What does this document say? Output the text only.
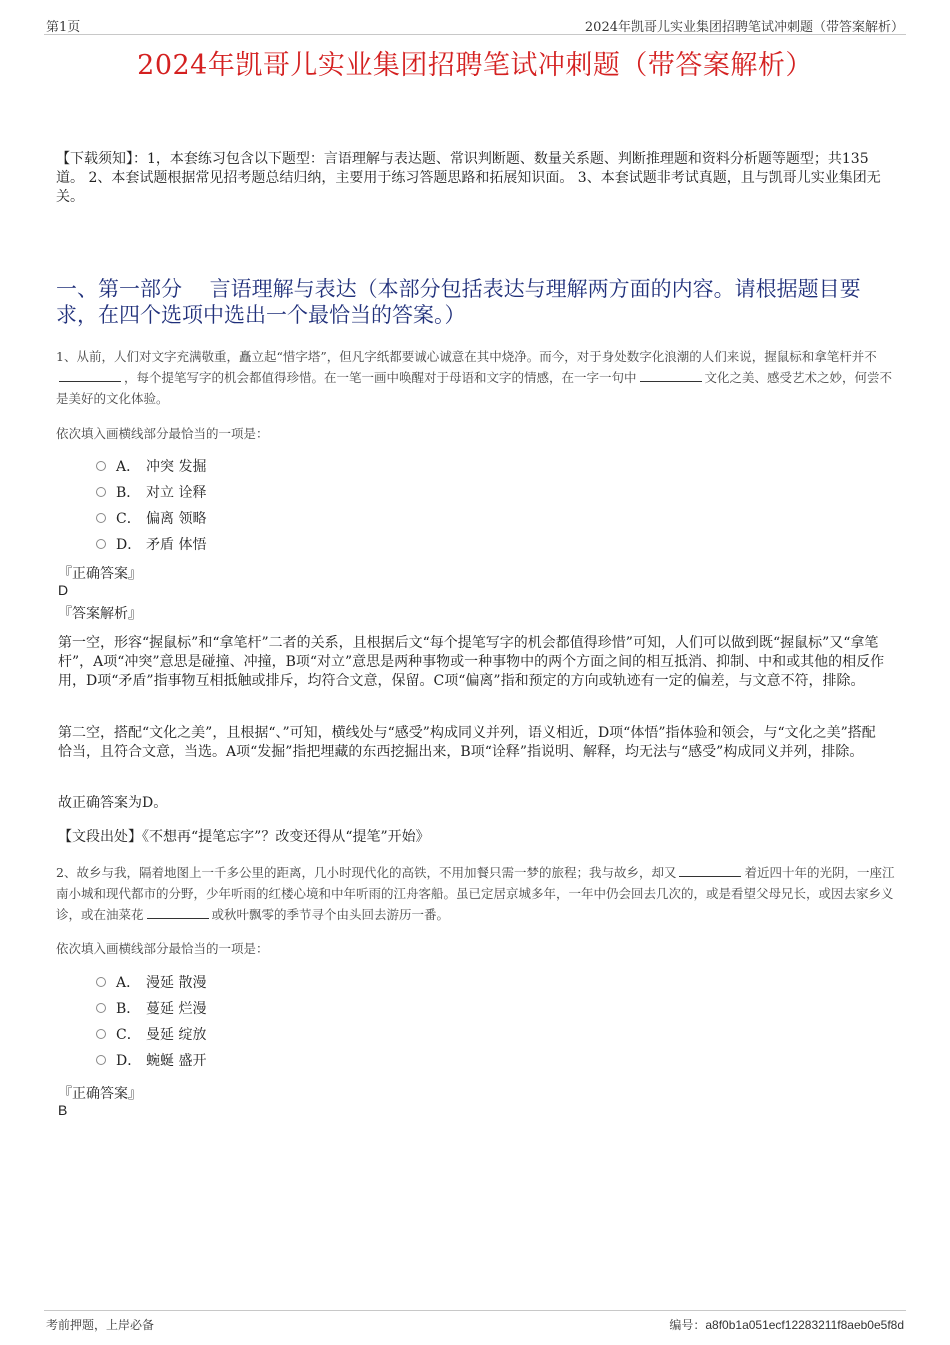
第1页	2024年凯哥儿实业集团招聘笔试冲刺题（带答案解析）
2024年凯哥儿实业集团招聘笔试冲刺题（带答案解析）
【下载须知】：1，本套练习包含以下题型：言语理解与表达题、常识判断题、数量关系题、判断推理题和资料分析题等题型；共135道。 2、本套试题根据常见招考题总结归纳，主要用于练习答题思路和拓展知识面。 3、本套试题非考试真题，且与凯哥儿实业集团无关。
一、第一部分　 言语理解与表达（本部分包括表达与理解两方面的内容。请根据题目要求，在四个选项中选出一个最恰当的答案。）
1、从前，人们对文字充满敬重，矗立起“惜字塔”，但凡字纸都要诚心诚意在其中烧净。而今，对于身处数字化浪潮的人们来说，握鼠标和拿笔杆并不，每个提笔写字的机会都值得珍惜。在一笔一画中唤醒对于母语和文字的情感，在一字一句中	文化之美、感受艺术之妙，何尝不是美好的文化体验。
依次填入画横线部分最恰当的一项是：
A． 冲突 发掘
B． 对立 诠释
C． 偏离 领略
D． 矛盾 体悟
『正确答案』
D
『答案解析』
第一空，形容“握鼠标”和“拿笔杆”二者的关系，且根据后文“每个提笔写字的机会都值得珍惜”可知，人们可以做到既“握鼠标”又“拿笔杆”，A项“冲突”意思是碰撞、冲撞，B项“对立”意思是两种事物或一种事物中的两个方面之间的相互抵消、抑制、中和或其他的相反作用，D项“矛盾”指事物互相抵触或排斥，均符合文意，保留。C项“偏离”指和预定的方向或轨迹有一定的偏差，与文意不符，排除。
第二空，搭配“文化之美”，且根据“、”可知，横线处与“感受”构成同义并列，语义相近，D项“体悟”指体验和领会，与“文化之美”搭配恰当，且符合文意，当选。A项“发掘”指把埋藏的东西挖掘出来，B项“诠释”指说明、解释，均无法与“感受”构成同义并列，排除。
故正确答案为D。
【文段出处】《不想再“提笔忘字”？改变还得从“提笔”开始》
2、故乡与我，隔着地图上一千多公里的距离，几小时现代化的高铁，不用加餐只需一梦的旅程；我与故乡，却又	着近四十年的光阴，一座江南小城和现代都市的分野，少年听雨的红楼心境和中年听雨的江舟客船。虽已定居京城多年，一年中仍会回去几次的，或是看望父母兄长，或因去家乡义诊，或在油菜花	或秋叶飘零的季节寻个由头回去游历一番。
依次填入画横线部分最恰当的一项是：
A． 漫延 散漫
B． 蔓延 烂漫
C． 曼延 绽放
D． 蜿蜒 盛开
『正确答案』
B
考前押题，上岸必备	编号：a8f0b1a051ecf12283211f8aeb0e5f8d
